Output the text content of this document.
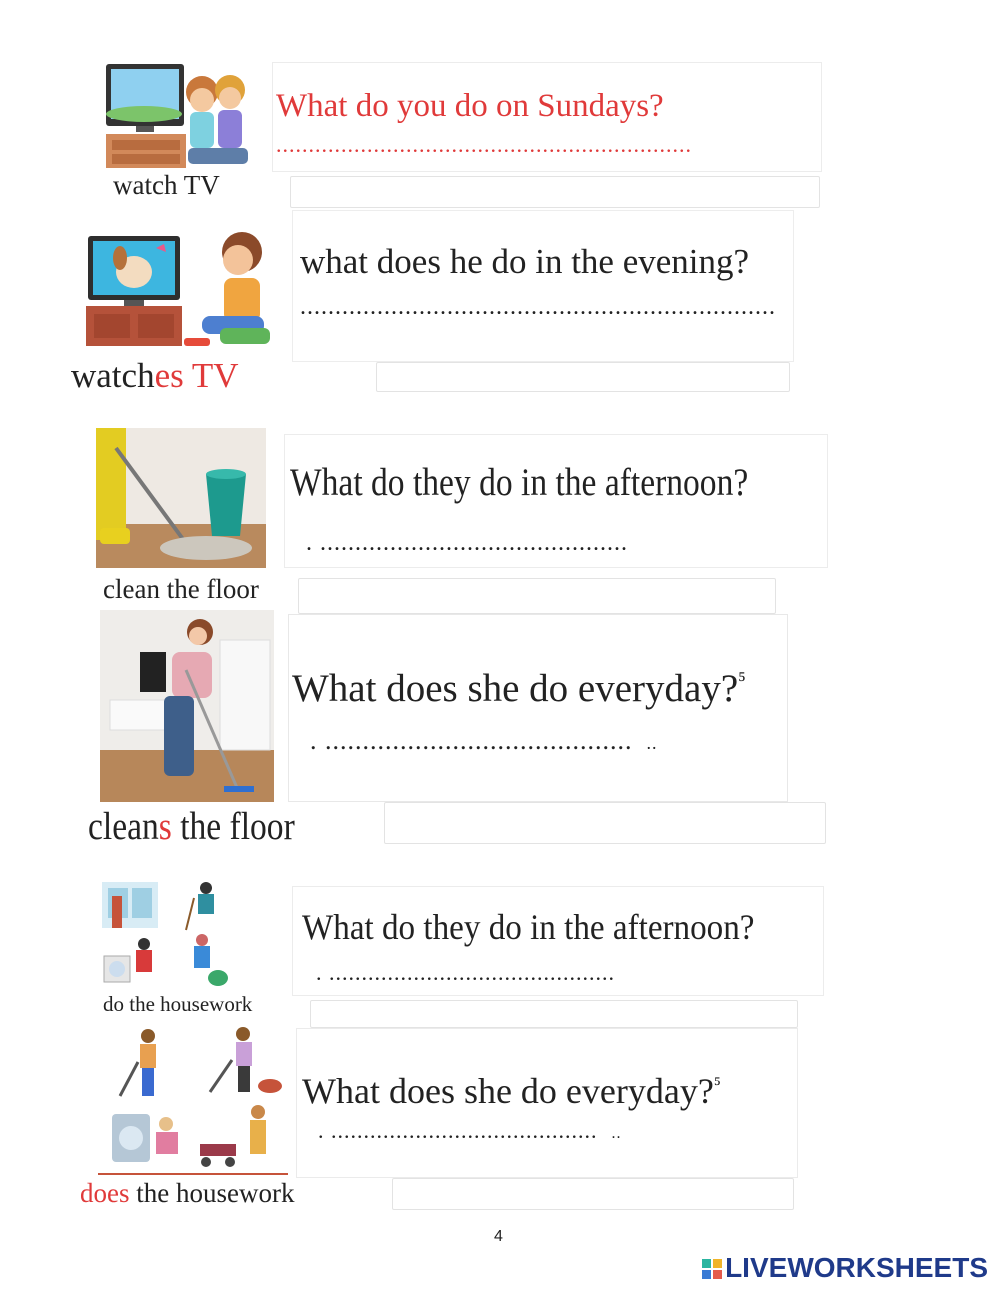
watch TV
What do you do on Sundays?
................................................................
watches TV
what does he do in the evening?
....................................................................
clean the floor
What do they do in the afternoon?
. ............................................
cleans the floor
What does she do everyday?$^{^5}$
. ......................................... ..
do the housework
What do they do in the afternoon?
. ............................................
does the housework
What does she do everyday?$^{^5}$
. ......................................... ..
4
LIVEWORKSHEETS
